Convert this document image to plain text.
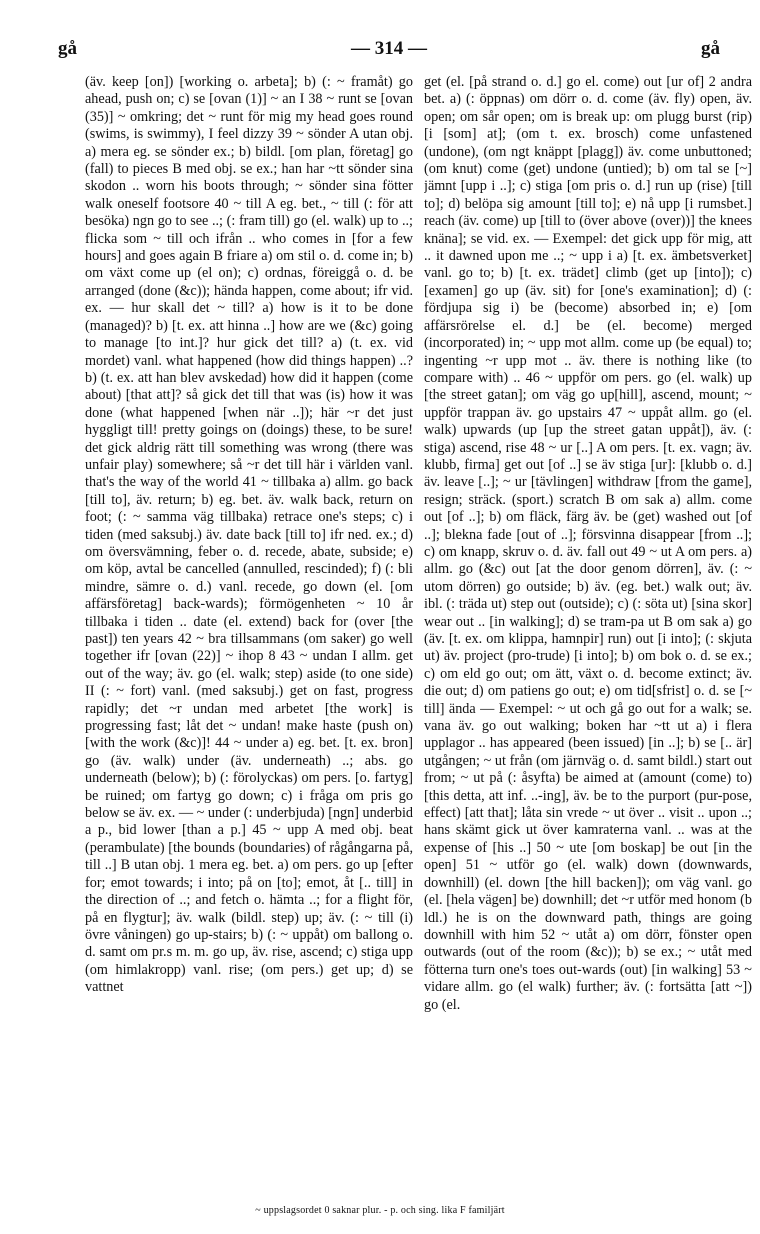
gå	— 314 —	gå

(äv. keep [on]) [working o. arbeta]; b) (: ~ framåt) go ahead, push on; c) se [ovan (1)] ~ an I 38 ~ runt se [ovan (35)] ~ omkring; det ~ runt för mig my head goes round (swims, is swimmy), I feel dizzy 39 ~ sönder A utan obj. a) mera eg. se sönder ex.; b) bildl. [om plan, företag] go (fall) to pieces B med obj. se ex.; han har ~tt sönder sina skodon .. worn his boots through; ~ sönder sina fötter walk oneself footsore 40 ~ till A eg. bet., ~ till (: för att besöka) ngn go to see ..; (: fram till) go (el. walk) up to ..; flicka som ~ till och ifrån .. who comes in [for a few hours] and goes again B friare a) om stil o. d. come in; b) om växt come up (el on); c) ordnas, föreiggå o. d. be arranged (done (&c)); hända happen, come about; ifr vid. ex. — hur skall det ~ till? a) how is it to be done (managed)? b) [t. ex. att hinna ..] how are we (&c) going to manage [to int.]? hur gick det till? a) (t. ex. vid mordet) vanl. what happened (how did things happen) ..? b) (t. ex. att han blev avskedad) how did it happen (come about) [that att]? så gick det till that was (is) how it was done (what happened [when när ..]); här ~r det just hyggligt till! pretty goings on (doings) these, to be sure! det gick aldrig rätt till something was wrong (there was unfair play) somewhere; så ~r det till här i världen vanl. that's the way of the world 41 ~ tillbaka a) allm. go back [till to], äv. return; b) eg. bet. äv. walk back, return on foot; (: ~ samma väg tillbaka) retrace one's steps; c) i tiden (med saksubj.) äv. date back [till to] ifr ned. ex.; d) om översvämning, feber o. d. recede, abate, subside; e) om köp, avtal be cancelled (annulled, rescinded); f) (: bli mindre, sämre o. d.) vanl. recede, go down (el. [om affärsföretag] back-wards); förmögenheten ~ 10 år tillbaka i tiden .. date (el. extend) back for (over [the past]) ten years 42 ~ bra tillsammans (om saker) go well together ifr [ovan (22)] ~ ihop 8 43 ~ undan I allm. get out of the way; äv. go (el. walk; step) aside (to one side) II (: ~ fort) vanl. (med saksubj.) get on fast, progress rapidly; det ~r undan med arbetet [the work] is progressing fast; låt det ~ undan! make haste (push on) [with the work (&c)]! 44 ~ under a) eg. bet. [t. ex. bron] go (äv. walk) under (äv. underneath) ..; abs. go underneath (below); b) (: förolyckas) om pers. [o. fartyg] be ruined; om fartyg go down; c) i fråga om pris go below se äv. ex. — ~ under (: underbjuda) [ngn] underbid a p., bid lower [than a p.] 45 ~ upp A med obj. beat (perambulate) [the bounds (boundaries) of rågångarna på, till ..] B utan obj. 1 mera eg. bet. a) om pers. go up [efter for; emot towards; i into; på on [to]; emot, åt [.. till] in the direction of ..; and fetch o. hämta ..; for a flight för, på en flygtur]; äv. walk (bildl. step) up; äv. (: ~ till (i) övre våningen) go up-stairs; b) (: ~ uppåt) om ballong o. d. samt om pr.s m. m. go up, äv. rise, ascend; c) stiga upp (om himlakropp) vanl. rise; (om pers.) get up; d) se vattnet

get (el. [på strand o. d.] go el. come) out [ur of] 2 andra bet. a) (: öppnas) om dörr o. d. come (äv. fly) open, äv. open; om sår open; om is break up: om plugg burst (rip) [i [som] at]; (om t. ex. brosch) come unfastened (undone), (om ngt knäppt [plagg]) äv. come unbuttoned; (om knut) come (get) undone (untied); b) om tal se [~] jämnt [upp i ..]; c) stiga [om pris o. d.] run up (rise) [till to]; d) belöpa sig amount [till to]; e) nå upp [i rumsbet.] reach (äv. come) up [till to (över above (over))] the knees knäna]; se vid. ex. — Exempel: det gick upp för mig, att .. it dawned upon me ..; ~ upp i a) [t. ex. ämbetsverket] vanl. go to; b) [t. ex. trädet] climb (get up [into]); c) [examen] go up (äv. sit) for [one's examination]; d) (: fördjupa sig i) be (become) absorbed in; e) [om affärsrörelse el. d.] be (el. become) merged (incorporated) in; ~ upp mot allm. come up (be equal) to; ingenting ~r upp mot .. äv. there is nothing like (to compare with) .. 46 ~ uppför om pers. go (el. walk) up [the street gatan]; om väg go up[hill], ascend, mount; ~ uppför trappan äv. go upstairs 47 ~ uppåt allm. go (el. walk) upwards (up [up the street gatan uppåt]), äv. (: stiga) ascend, rise 48 ~ ur [..] A om pers. [t. ex. vagn; äv. klubb, firma] get out [of ..] se äv stiga [ur]: [klubb o. d.] äv. leave [..]; ~ ur [tävlingen] withdraw [from the game], resign; sträck. (sport.) scratch B om sak a) allm. come out [of ..]; b) om fläck, färg äv. be (get) washed out [of ..]; bleknа fade [out of ..]; försvinna disappear [from ..]; c) om knapp, skruv o. d. äv. fall out 49 ~ ut A om pers. a) allm. go (&c) out [at the door genom dörren], äv. (: ~ utom dörren) go outside; b) äv. (eg. bet.) walk out; äv. ibl. (: träda ut) step out (outside); c) (: söta ut) [sina skor] wear out .. [in walking]; d) se tram-pa ut B om sak a) go (äv. [t. ex. om klippa, hamnpir] run) out [i into]; (: skjuta ut) äv. project (pro-trude) [i into]; b) om bok o. d. se ex.; c) om eld go out; om ätt, växt o. d. become extinct; äv. die out; d) om patiens go out; e) om tid[sfrist] o. d. se [~ till] ända — Exempel: ~ ut och gå go out for a walk; se. vana äv. go out walking; boken har ~tt ut a) i flera upplagor .. has appeared (been issued) [in ..]; b) se [.. är] utgången; ~ ut från (om järnväg o. d. samt bildl.) start out from; ~ ut på (: åsyfta) be aimed at (amount (come) to) [this detta, att inf. ..-ing], äv. be to the purport (pur-pose, effect) [att that]; låta sin vrede ~ ut över .. visit .. upon ..; hans skämt gick ut över kamraterna vanl. .. was at the expense of [his ..] 50 ~ ute [om boskap] be out [in the open] 51 ~ utför go (el. walk) down (downwards, downhill) (el. down [the hill backen]); om väg vanl. go (el. [hela vägen] be) downhill; det ~r utför med honom (b ldl.) he is on the downward path, things are going downhill with him 52 ~ utåt a) om dörr, fönster open outwards (out of the room (&c)); b) se ex.; ~ utåt med fötterna turn one's toes out-wards (out) [in walking] 53 ~ vidare allm. go (el walk) further; äv. (: fortsätta [att ~]) go (el.

~ uppslagsordet 0 saknar plur. - p. och sing. lika F familjärt
